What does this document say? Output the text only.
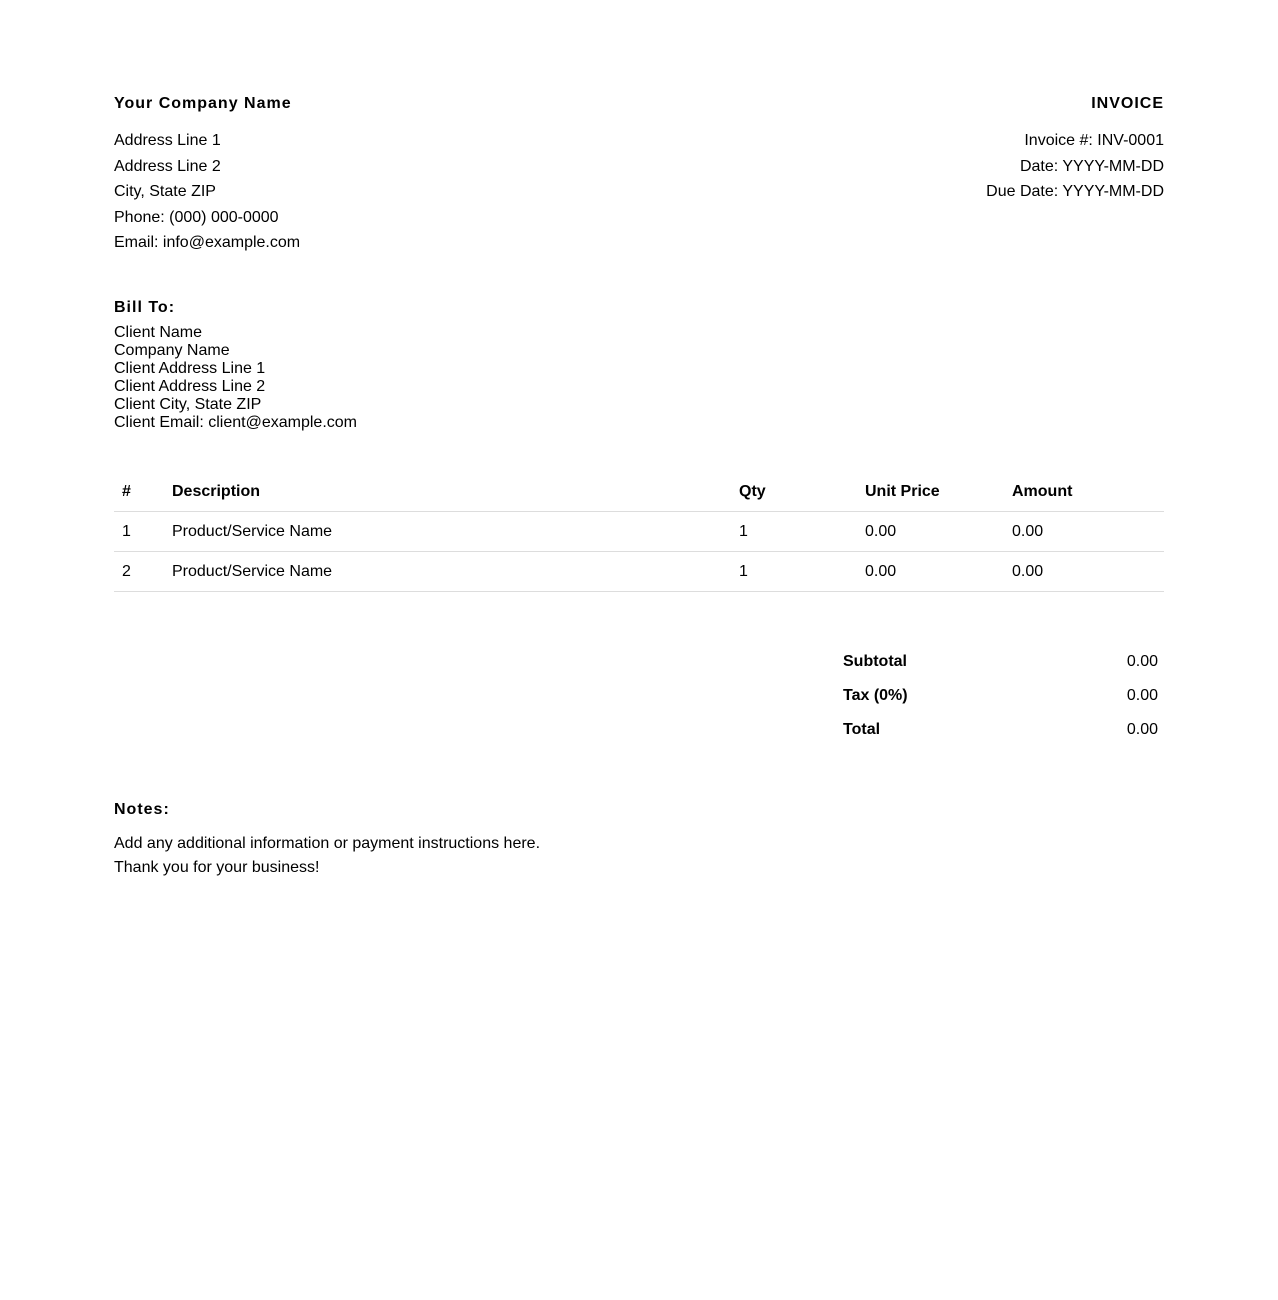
Your Company Name
Address Line 1
Address Line 2
City, State ZIP
Phone: (000) 000-0000
Email: info@example.com
INVOICE
Invoice #: INV-0001
Date: YYYY-MM-DD
Due Date: YYYY-MM-DD
Bill To:
Client Name
Company Name
Client Address Line 1
Client Address Line 2
Client City, State ZIP
Client Email: client@example.com
#	Description	Qty	Unit Price	Amount
1	Product/Service Name	1	0.00	0.00
2	Product/Service Name	1	0.00	0.00
Subtotal	0.00
Tax (0%)	0.00
Total	0.00
Notes:
Add any additional information or payment instructions here.
Thank you for your business!
